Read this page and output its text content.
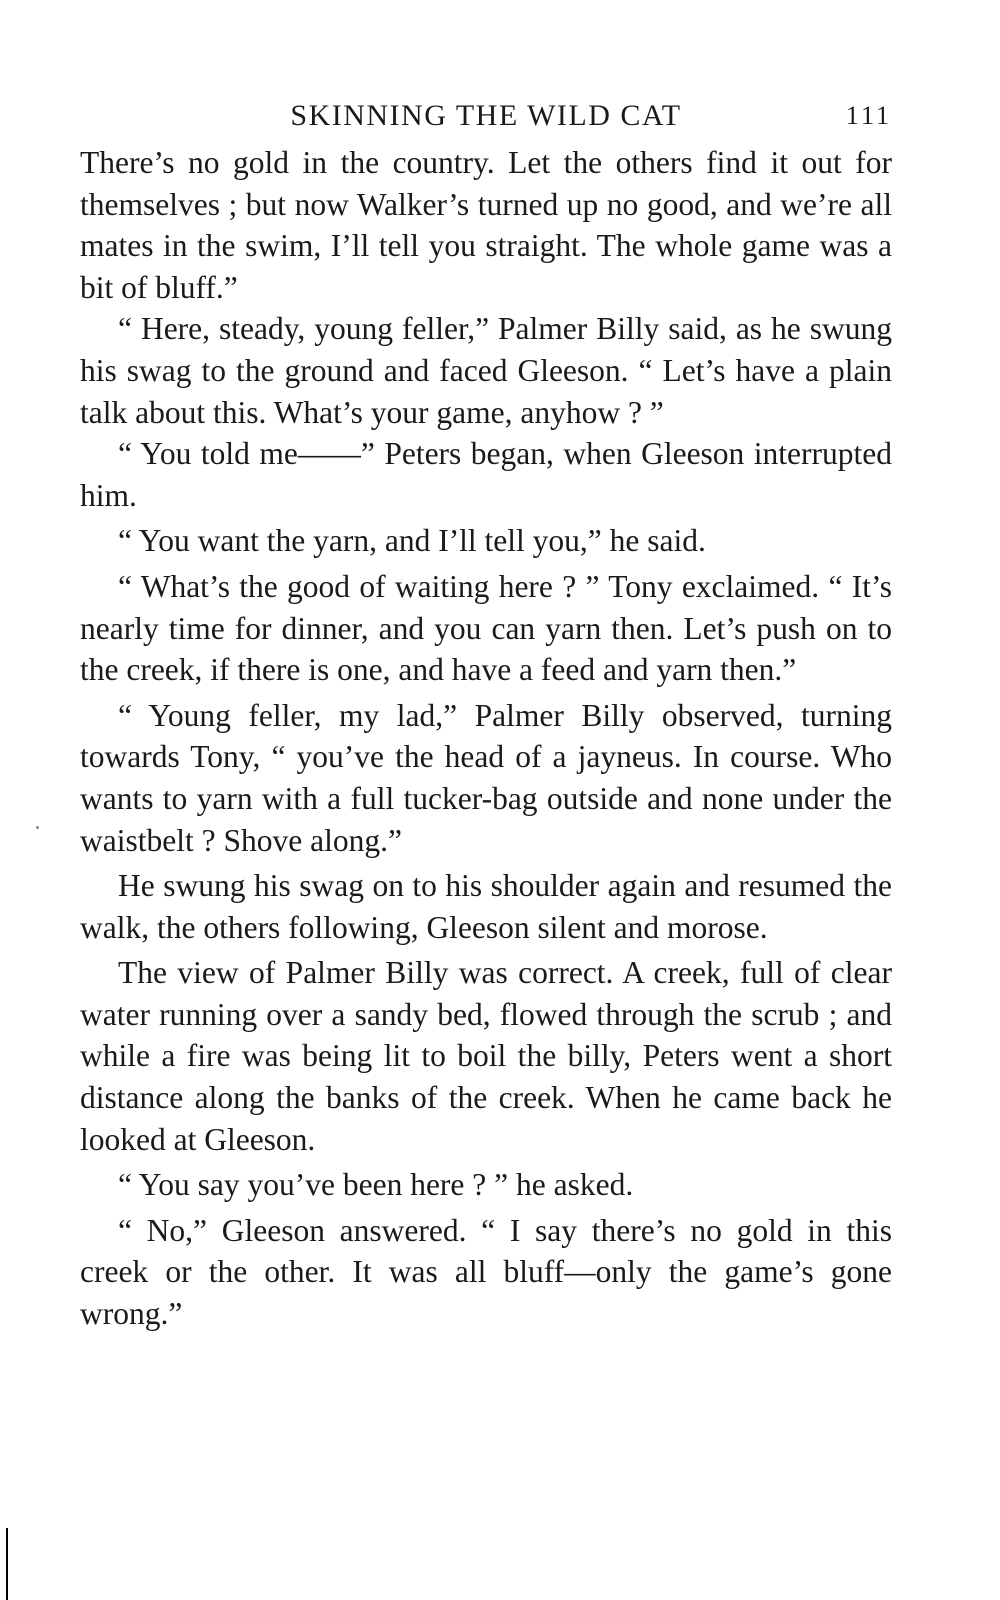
SKINNING THE WILD CAT	111

There’s no gold in the country. Let the others find it out for themselves ; but now Walker’s turned up no good, and we’re all mates in the swim, I’ll tell you straight. The whole game was a bit of bluff.”

“ Here, steady, young feller,” Palmer Billy said, as he swung his swag to the ground and faced Gleeson. “ Let’s have a plain talk about this. What’s your game, anyhow ? ”

“ You told me——” Peters began, when Gleeson interrupted him.

“ You want the yarn, and I’ll tell you,” he said.

“ What’s the good of waiting here ? ” Tony exclaimed. “ It’s nearly time for dinner, and you can yarn then. Let’s push on to the creek, if there is one, and have a feed and yarn then.”

“ Young feller, my lad,” Palmer Billy observed, turning towards Tony, “ you’ve the head of a jayneus. In course. Who wants to yarn with a full tucker-bag outside and none under the waistbelt ? Shove along.”

He swung his swag on to his shoulder again and resumed the walk, the others following, Gleeson silent and morose.

The view of Palmer Billy was correct. A creek, full of clear water running over a sandy bed, flowed through the scrub ; and while a fire was being lit to boil the billy, Peters went a short distance along the banks of the creek. When he came back he looked at Gleeson.

“ You say you’ve been here ? ” he asked.

“ No,” Gleeson answered. “ I say there’s no gold in this creek or the other. It was all bluff—only the game’s gone wrong.”
